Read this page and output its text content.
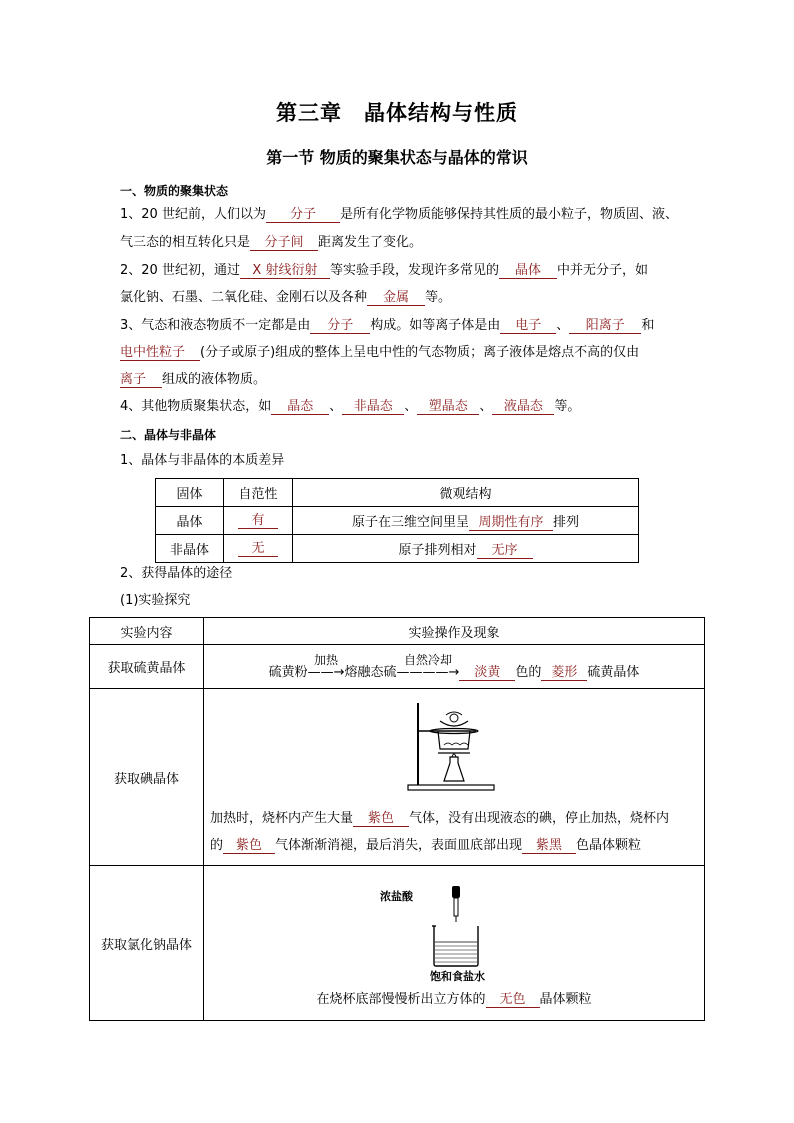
第三章　晶体结构与性质
第一节 物质的聚集状态与晶体的常识
一、物质的聚集状态
1、20 世纪前，人们以为 分子 是所有化学物质能够保持其性质的最小粒子，物质固、液、
气三态的相互转化只是 分子间 距离发生了变化。
2、20 世纪初，通过 X 射线衍射 等实验手段，发现许多常见的 晶体 中并无分子，如
氯化钠、石墨、二氧化硅、金刚石以及各种 金属 等。
3、气态和液态物质不一定都是由 分子 构成。如等离子体是由 电子 、 阳离子 和
电中性粒子 (分子或原子)组成的整体上呈电中性的气态物质；离子液体是熔点不高的仅由
离子 组成的液体物质。
4、其他物质聚集状态，如 晶态 、 非晶态 、 塑晶态 、 液晶态 等。
二、晶体与非晶体
1、晶体与非晶体的本质差异
固体	自范性	微观结构
晶体	有	原子在三维空间里呈 周期性有序 排列
非晶体	无	原子排列相对 无序
2、获得晶体的途径
(1)实验探究
实验内容	实验操作及现象
获取硫黄晶体	硫黄粉
加热
——→熔融态硫
自然冷却
————→ 淡黄 色的 菱形 硫黄晶体
获取碘晶体	加热时，烧杯内产生大量 紫色 气体，没有出现液态的碘，停止加热，烧杯内
的 紫色 气体渐渐消褪，最后消失，表面皿底部出现 紫黑 色晶体颗粒

获取氯化钠晶体	浓盐酸
饱和食盐水
在烧杯底部慢慢析出立方体的 无色 晶体颗粒
